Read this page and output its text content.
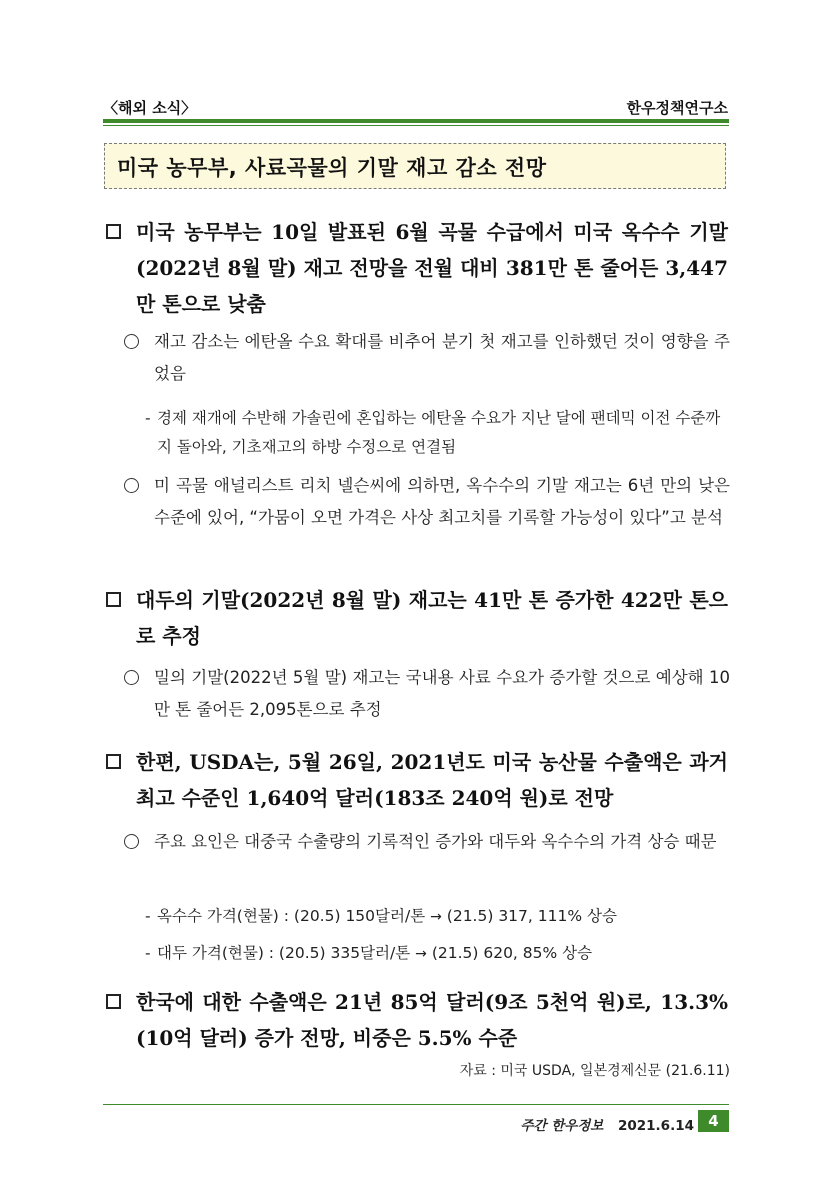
〈해외 소식〉	한우정책연구소
미국 농무부, 사료곡물의 기말 재고 감소 전망
미국 농무부는 10일 발표된 6월 곡물 수급에서 미국 옥수수 기말 (2022년 8월 말) 재고 전망을 전월 대비 381만 톤 줄어든 3,447 만 톤으로 낮춤
재고 감소는 에탄올 수요 확대를 비추어 분기 첫 재고를 인하했던 것이 영향을 주었음
- 경제 재개에 수반해 가솔린에 혼입하는 에탄올 수요가 지난 달에 팬데믹 이전 수준까지 돌아와, 기초재고의 하방 수정으로 연결됨
미 곡물 애널리스트 리치 넬슨씨에 의하면, 옥수수의 기말 재고는 6년 만의 낮은 수준에 있어, “가뭄이 오면 가격은 사상 최고치를 기록할 가능성이 있다”고 분석
대두의 기말(2022년 8월 말) 재고는 41만 톤 증가한 422만 톤으로 추정
밀의 기말(2022년 5월 말) 재고는 국내용 사료 수요가 증가할 것으로 예상해 10만 톤 줄어든 2,095톤으로 추정
한편, USDA는, 5월 26일, 2021년도 미국 농산물 수출액은 과거 최고 수준인 1,640억 달러(183조 240억 원)로 전망
주요 요인은 대중국 수출량의 기록적인 증가와 대두와 옥수수의 가격 상승 때문
- 옥수수 가격(현물) : (20.5) 150달러/톤 → (21.5) 317, 111% 상승
- 대두 가격(현물) : (20.5) 335달러/톤 → (21.5) 620, 85% 상승
한국에 대한 수출액은 21년 85억 달러(9조 5천억 원)로, 13.3%(10억 달러) 증가 전망, 비중은 5.5% 수준
자료 : 미국 USDA, 일본경제신문 (21.6.11)
주간 한우정보 2021.6.14 4
